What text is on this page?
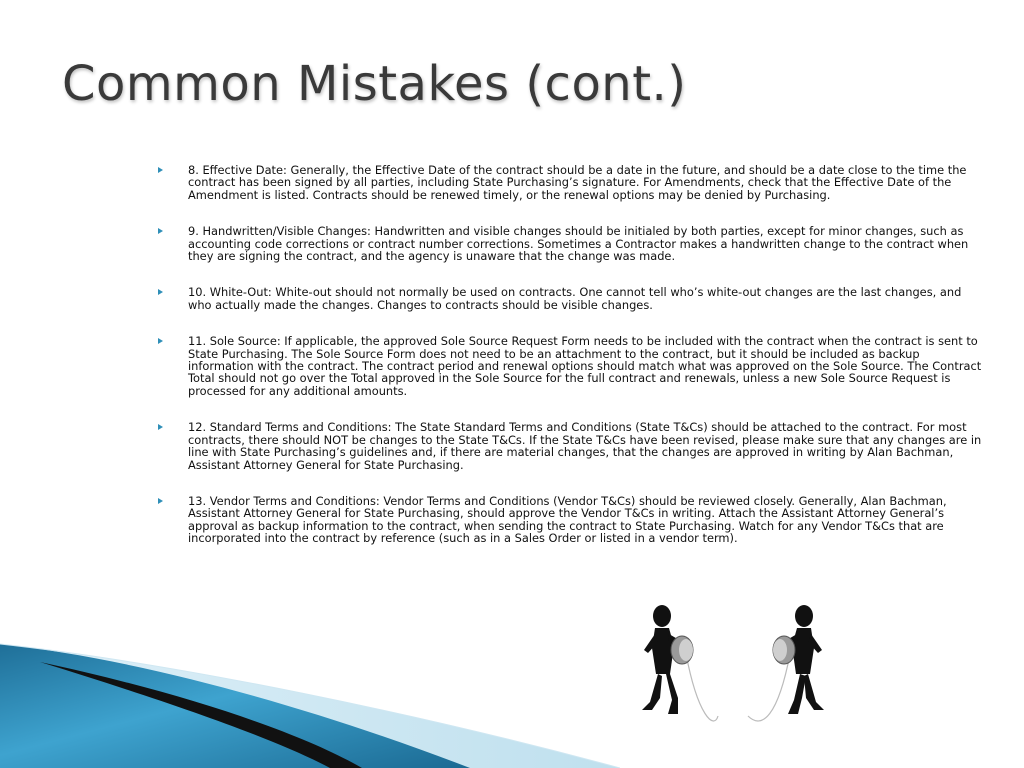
Common Mistakes (cont.)
8. Effective Date: Generally, the Effective Date of the contract should be a date in the future, and should be a date close to the time the contract has been signed by all parties, including State Purchasing’s signature. For Amendments, check that the Effective Date of the Amendment is listed. Contracts should be renewed timely, or the renewal options may be denied by Purchasing.
9. Handwritten/Visible Changes: Handwritten and visible changes should be initialed by both parties, except for minor changes, such as accounting code corrections or contract number corrections. Sometimes a Contractor makes a handwritten change to the contract when they are signing the contract, and the agency is unaware that the change was made.
10. White-Out: White-out should not normally be used on contracts. One cannot tell who’s white-out changes are the last changes, and who actually made the changes. Changes to contracts should be visible changes.
11. Sole Source: If applicable, the approved Sole Source Request Form needs to be included with the contract when the contract is sent to State Purchasing. The Sole Source Form does not need to be an attachment to the contract, but it should be included as backup information with the contract. The contract period and renewal options should match what was approved on the Sole Source. The Contract Total should not go over the Total approved in the Sole Source for the full contract and renewals, unless a new Sole Source Request is processed for any additional amounts.
12. Standard Terms and Conditions: The State Standard Terms and Conditions (State T&Cs) should be attached to the contract. For most contracts, there should NOT be changes to the State T&Cs. If the State T&Cs have been revised, please make sure that any changes are in line with State Purchasing’s guidelines and, if there are material changes, that the changes are approved in writing by Alan Bachman, Assistant Attorney General for State Purchasing.
13. Vendor Terms and Conditions: Vendor Terms and Conditions (Vendor T&Cs) should be reviewed closely. Generally, Alan Bachman, Assistant Attorney General for State Purchasing, should approve the Vendor T&Cs in writing. Attach the Assistant Attorney General’s approval as backup information to the contract, when sending the contract to State Purchasing. Watch for any Vendor T&Cs that are incorporated into the contract by reference (such as in a Sales Order or listed in a vendor term).
